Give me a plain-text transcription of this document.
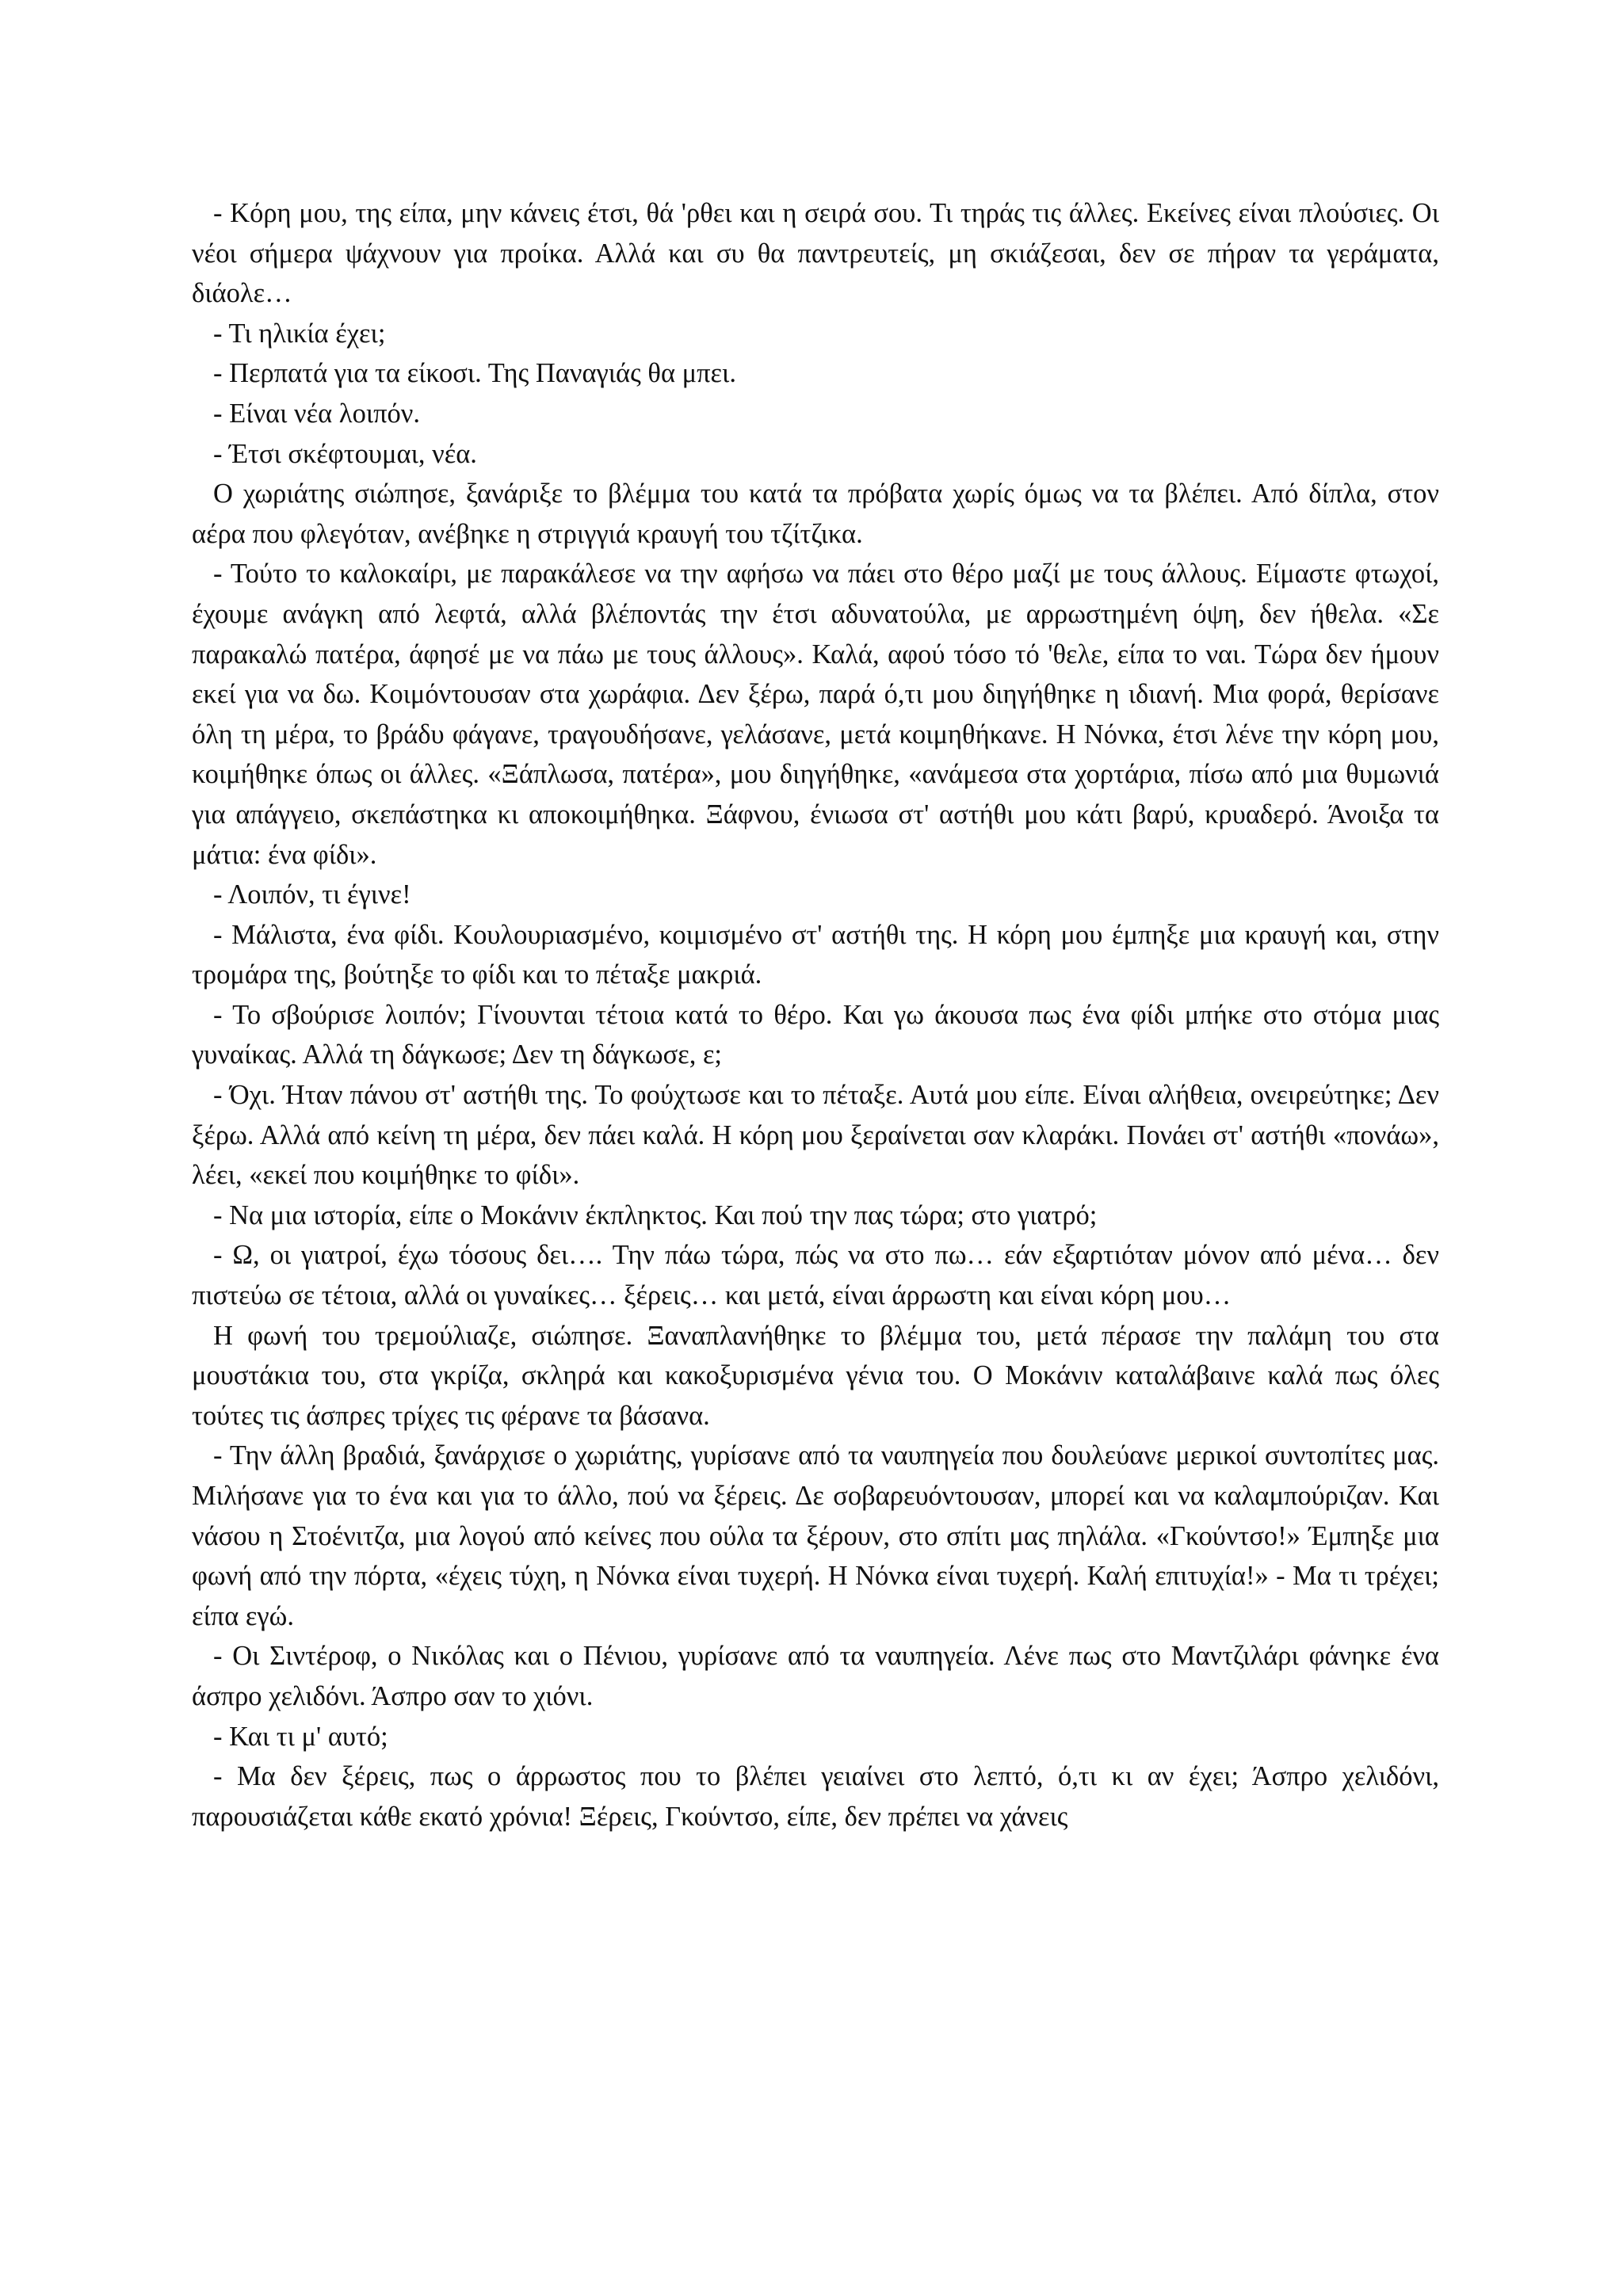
- Κόρη μου, της είπα, μην κάνεις έτσι, θά 'ρθει και η σειρά σου. Τι τηράς τις άλλες. Εκείνες είναι πλούσιες. Οι νέοι σήμερα ψάχνουν για προίκα. Αλλά και συ θα παντρευτείς, μη σκιάζεσαι, δεν σε πήραν τα γεράματα, διάολε…

- Τι ηλικία έχει;

- Περπατά για τα είκοσι. Της Παναγιάς θα μπει.

- Είναι νέα λοιπόν.

- Έτσι σκέφτουμαι, νέα.

Ο χωριάτης σιώπησε, ξανάριξε το βλέμμα του κατά τα πρόβατα χωρίς όμως να τα βλέπει. Από δίπλα, στον αέρα που φλεγόταν, ανέβηκε η στριγγιά κραυγή του τζίτζικα.

- Τούτο το καλοκαίρι, με παρακάλεσε να την αφήσω να πάει στο θέρο μαζί με τους άλλους. Είμαστε φτωχοί, έχουμε ανάγκη από λεφτά, αλλά βλέποντάς την έτσι αδυνατούλα, με αρρωστημένη όψη, δεν ήθελα. «Σε παρακαλώ πατέρα, άφησέ με να πάω με τους άλλους». Καλά, αφού τόσο τό 'θελε, είπα το ναι. Τώρα δεν ήμουν εκεί για να δω. Κοιμόντουσαν στα χωράφια. Δεν ξέρω, παρά ό,τι μου διηγήθηκε η ιδιανή. Μια φορά, θερίσανε όλη τη μέρα, το βράδυ φάγανε, τραγουδήσανε, γελάσανε, μετά κοιμηθήκανε. Η Νόνκα, έτσι λένε την κόρη μου, κοιμήθηκε όπως οι άλλες. «Ξάπλωσα, πατέρα», μου διηγήθηκε, «ανάμεσα στα χορτάρια, πίσω από μια θυμωνιά για απάγγειο, σκεπάστηκα κι αποκοιμήθηκα. Ξάφνου, ένιωσα στ' αστήθι μου κάτι βαρύ, κρυαδερό. Άνοιξα τα μάτια: ένα φίδι».

- Λοιπόν, τι έγινε!

- Μάλιστα, ένα φίδι. Κουλουριασμένο, κοιμισμένο στ' αστήθι της. Η κόρη μου έμπηξε μια κραυγή και, στην τρομάρα της, βούτηξε το φίδι και το πέταξε μακριά.

- Το σβούρισε λοιπόν; Γίνουνται τέτοια κατά το θέρο. Και γω άκουσα πως ένα φίδι μπήκε στο στόμα μιας γυναίκας. Αλλά τη δάγκωσε; Δεν τη δάγκωσε, ε;

- Όχι. Ήταν πάνου στ' αστήθι της. Το φούχτωσε και το πέταξε. Αυτά μου είπε. Είναι αλήθεια, ονειρεύτηκε; Δεν ξέρω. Αλλά από κείνη τη μέρα, δεν πάει καλά. Η κόρη μου ξεραίνεται σαν κλαράκι. Πονάει στ' αστήθι «πονάω», λέει, «εκεί που κοιμήθηκε το φίδι».

- Να μια ιστορία, είπε ο Μοκάνιν έκπληκτος. Και πού την πας τώρα; στο γιατρό;

- Ω, οι γιατροί, έχω τόσους δει…. Την πάω τώρα, πώς να στο πω… εάν εξαρτιόταν μόνον από μένα… δεν πιστεύω σε τέτοια, αλλά οι γυναίκες… ξέρεις… και μετά, είναι άρρωστη και είναι κόρη μου…

Η φωνή του τρεμούλιαζε, σιώπησε. Ξαναπλανήθηκε το βλέμμα του, μετά πέρασε την παλάμη του στα μουστάκια του, στα γκρίζα, σκληρά και κακοξυρισμένα γένια του. Ο Μοκάνιν καταλάβαινε καλά πως όλες τούτες τις άσπρες τρίχες τις φέρανε τα βάσανα.

- Την άλλη βραδιά, ξανάρχισε ο χωριάτης, γυρίσανε από τα ναυπηγεία που δουλεύανε μερικοί συντοπίτες μας. Μιλήσανε για το ένα και για το άλλο, πού να ξέρεις. Δε σοβαρευόντουσαν, μπορεί και να καλαμπούριζαν. Και νάσου η Στοένιτζα, μια λογού από κείνες που ούλα τα ξέρουν, στο σπίτι μας πηλάλα. «Γκούντσο!» Έμπηξε μια φωνή από την πόρτα, «έχεις τύχη, η Νόνκα είναι τυχερή. Η Νόνκα είναι τυχερή. Καλή επιτυχία!» - Μα τι τρέχει; είπα εγώ.

- Οι Σιντέροφ, ο Νικόλας και ο Πένιου, γυρίσανε από τα ναυπηγεία. Λένε πως στο Μαντζιλάρι φάνηκε ένα άσπρο χελιδόνι. Άσπρο σαν το χιόνι.

- Και τι μ' αυτό;

- Μα δεν ξέρεις, πως ο άρρωστος που το βλέπει γειαίνει στο λεπτό, ό,τι κι αν έχει; Άσπρο χελιδόνι, παρουσιάζεται κάθε εκατό χρόνια! Ξέρεις, Γκούντσο, είπε, δεν πρέπει να χάνεις
